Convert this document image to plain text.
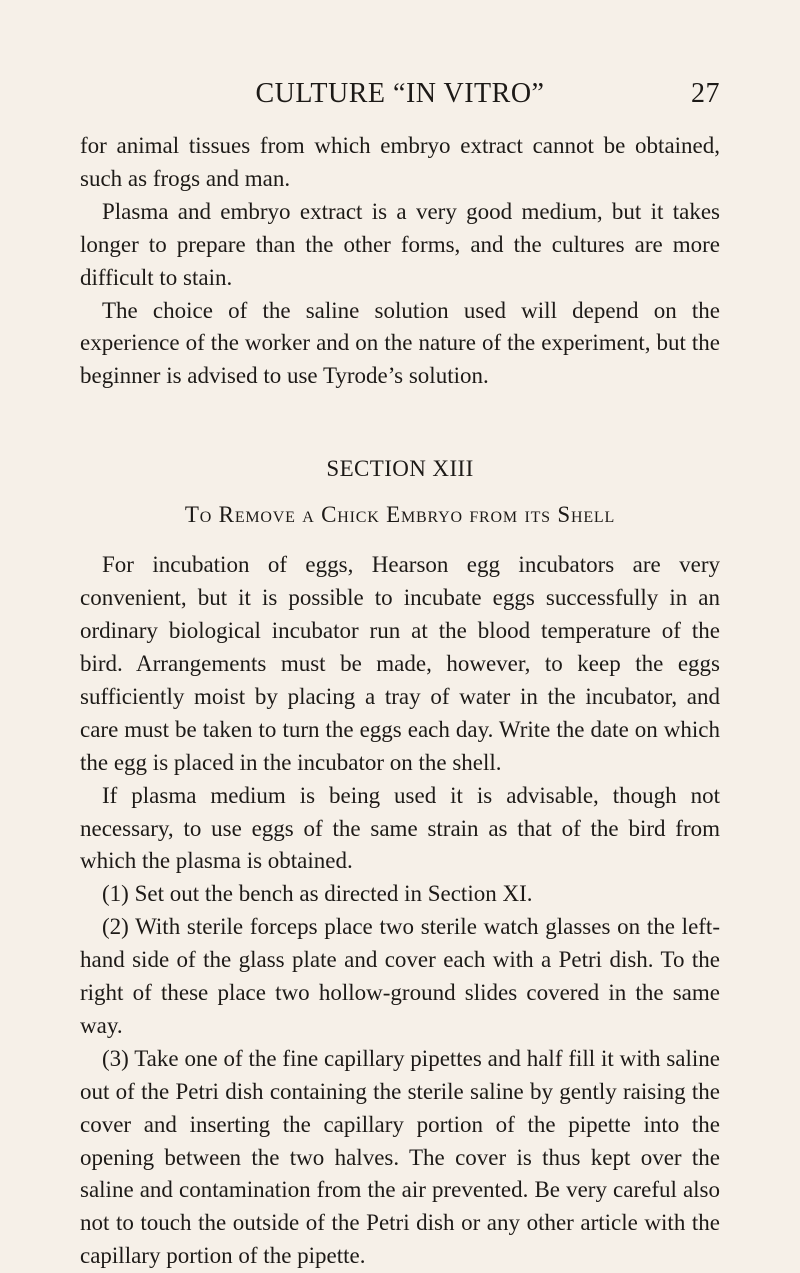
CULTURE “IN VITRO”	27

for animal tissues from which embryo extract cannot be obtained, such as frogs and man.

Plasma and embryo extract is a very good medium, but it takes longer to prepare than the other forms, and the cultures are more difficult to stain.

The choice of the saline solution used will depend on the experience of the worker and on the nature of the experiment, but the beginner is advised to use Tyrode’s solution.

SECTION XIII
To Remove a Chick Embryo from its Shell

For incubation of eggs, Hearson egg incubators are very convenient, but it is possible to incubate eggs successfully in an ordinary biological incubator run at the blood temperature of the bird. Arrangements must be made, however, to keep the eggs sufficiently moist by placing a tray of water in the incubator, and care must be taken to turn the eggs each day. Write the date on which the egg is placed in the incubator on the shell.

If plasma medium is being used it is advisable, though not necessary, to use eggs of the same strain as that of the bird from which the plasma is obtained.

(1) Set out the bench as directed in Section XI.

(2) With sterile forceps place two sterile watch glasses on the left-hand side of the glass plate and cover each with a Petri dish. To the right of these place two hollow-ground slides covered in the same way.

(3) Take one of the fine capillary pipettes and half fill it with saline out of the Petri dish containing the sterile saline by gently raising the cover and inserting the capillary portion of the pipette into the opening between the two halves. The cover is thus kept over the saline and contamination from the air prevented. Be very careful also not to touch the outside of the Petri dish or any other article with the capillary portion of the pipette.
